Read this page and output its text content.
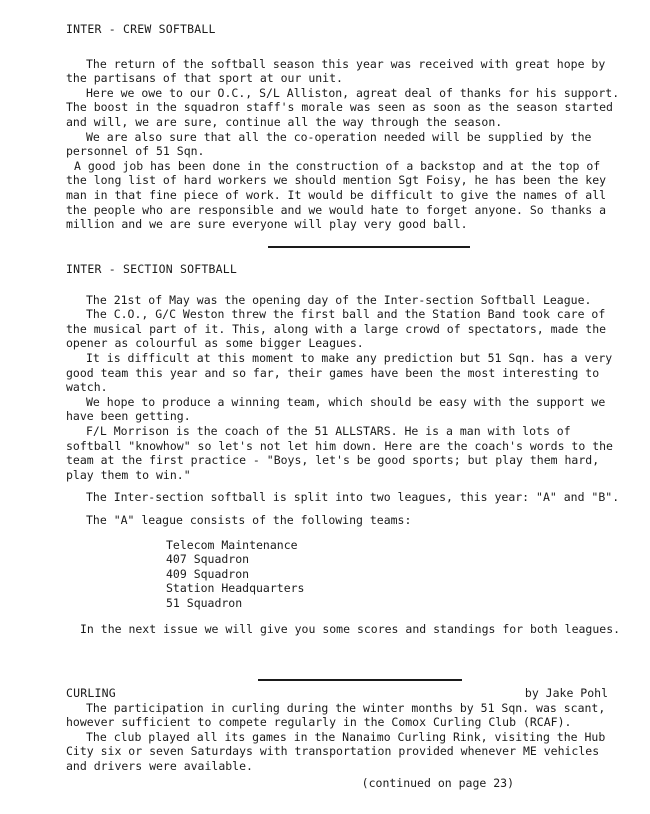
INTER - CREW SOFTBALL
The return of the softball season this year was received with great hope by the partisans of that sport at our unit.
Here we owe to our O.C., S/L Alliston, agreat deal of thanks for his support. The boost in the squadron staff's morale was seen as soon as the season started and will, we are sure, continue all the way through the season.
We are also sure that all the co-operation needed will be supplied by the personnel of 51 Sqn.
A good job has been done in the construction of a backstop and at the top of the long list of hard workers we should mention Sgt Foisy, he has been the key man in that fine piece of work. It would be difficult to give the names of all the people who are responsible and we would hate to forget anyone. So thanks a million and we are sure everyone will play very good ball.
INTER - SECTION SOFTBALL
The 21st of May was the opening day of the Inter-section Softball League.
The C.O., G/C Weston threw the first ball and the Station Band took care of the musical part of it. This, along with a large crowd of spectators, made the opener as colourful as some bigger Leagues.
It is difficult at this moment to make any prediction but 51 Sqn. has a very good team this year and so far, their games have been the most interesting to watch.
We hope to produce a winning team, which should be easy with the support we have been getting.
F/L Morrison is the coach of the 51 ALLSTARS. He is a man with lots of softball "knowhow" so let's not let him down. Here are the coach's words to the team at the first practice - "Boys, let's be good sports; but play them hard, play them to win."
The Inter-section softball is split into two leagues, this year: "A" and "B".
The "A" league consists of the following teams:
Telecom Maintenance
407 Squadron
409 Squadron
Station Headquarters
51 Squadron
In the next issue we will give you some scores and standings for both leagues.
CURLING	by Jake Pohl
The participation in curling during the winter months by 51 Sqn. was scant, however sufficient to compete regularly in the Comox Curling Club (RCAF).
The club played all its games in the Nanaimo Curling Rink, visiting the Hub City six or seven Saturdays with transportation provided whenever ME vehicles and drivers were available.
(continued on page 23)
